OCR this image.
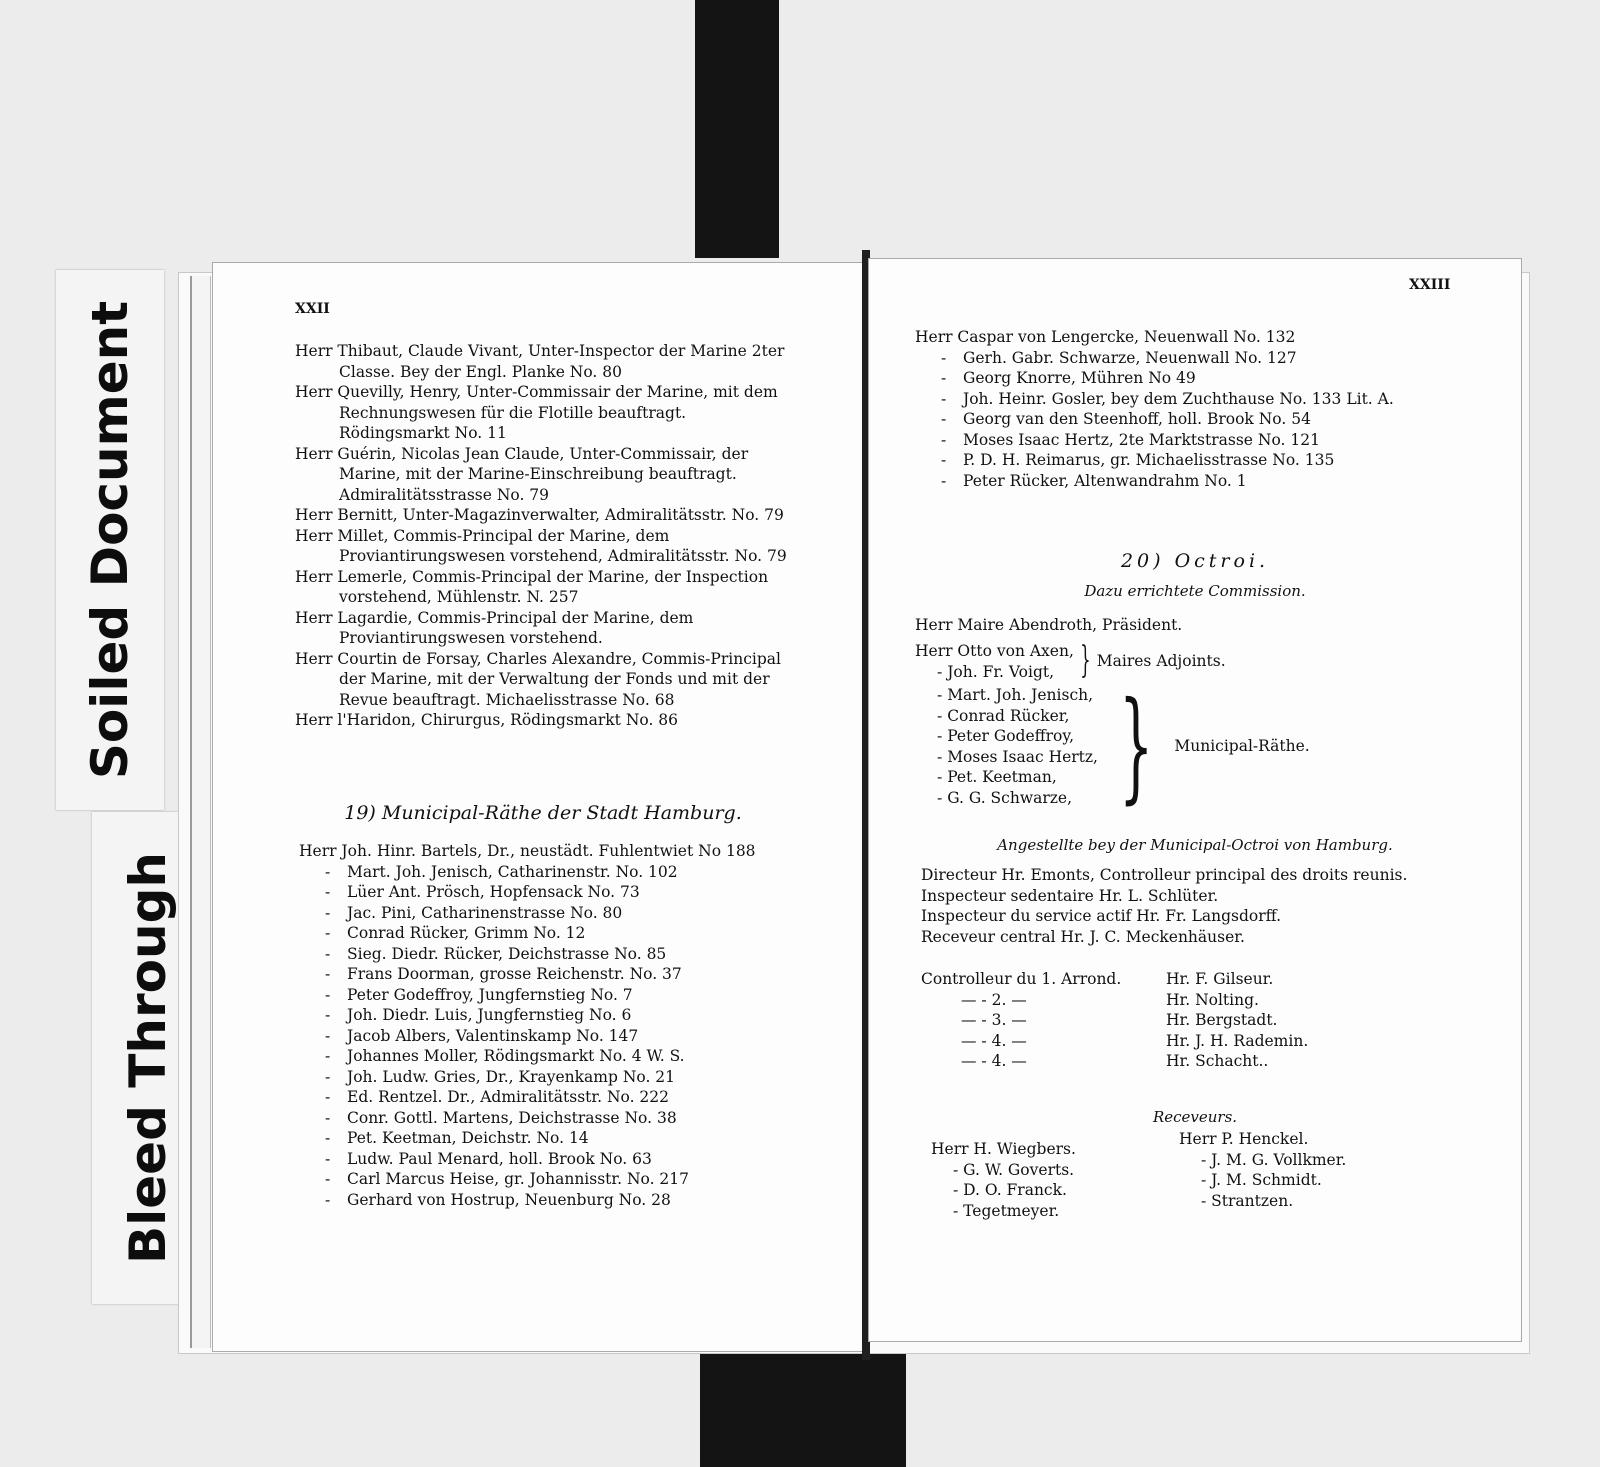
Soiled Document
Bleed Through
XXII

Herr Thibaut, Claude Vivant, Unter-Inspector der Marine 2ter Classe. Bey der Engl. Planke No. 80

Herr Quevilly, Henry, Unter-Commissair der Marine, mit dem Rechnungswesen für die Flotille beauftragt. Rödingsmarkt No. 11

Herr Guérin, Nicolas Jean Claude, Unter-Commissair, der Marine, mit der Marine-Einschreibung beauftragt. Admiralitätsstrasse No. 79

Herr Bernitt, Unter-Magazinverwalter, Admiralitätsstr. No. 79

Herr Millet, Commis-Principal der Marine, dem Proviantirungswesen vorstehend, Admiralitätsstr. No. 79

Herr Lemerle, Commis-Principal der Marine, der Inspection vorstehend, Mühlenstr. N. 257

Herr Lagardie, Commis-Principal der Marine, dem Proviantirungswesen vorstehend.

Herr Courtin de Forsay, Charles Alexandre, Commis-Principal der Marine, mit der Verwaltung der Fonds und mit der Revue beauftragt. Michaelisstrasse No. 68

Herr l'Haridon, Chirurgus, Rödingsmarkt No. 86

19) Municipal-Räthe der Stadt Hamburg.

Herr Joh. Hinr. Bartels, Dr., neustädt. Fuhlentwiet No 188

- Mart. Joh. Jenisch, Catharinenstr. No. 102

- Lüer Ant. Prösch, Hopfensack No. 73

- Jac. Pini, Catharinenstrasse No. 80

- Conrad Rücker, Grimm No. 12

- Sieg. Diedr. Rücker, Deichstrasse No. 85

- Frans Doorman, grosse Reichenstr. No. 37

- Peter Godeffroy, Jungfernstieg No. 7

- Joh. Diedr. Luis, Jungfernstieg No. 6

- Jacob Albers, Valentinskamp No. 147

- Johannes Moller, Rödingsmarkt No. 4 W. S.

- Joh. Ludw. Gries, Dr., Krayenkamp No. 21

- Ed. Rentzel. Dr., Admiralitätsstr. No. 222

- Conr. Gottl. Martens, Deichstrasse No. 38

- Pet. Keetman, Deichstr. No. 14

- Ludw. Paul Menard, holl. Brook No. 63

- Carl Marcus Heise, gr. Johannisstr. No. 217

- Gerhard von Hostrup, Neuenburg No. 28

XXIII

Herr Caspar von Lengercke, Neuenwall No. 132

- Gerh. Gabr. Schwarze, Neuenwall No. 127

- Georg Knorre, Mühren No 49

- Joh. Heinr. Gosler, bey dem Zuchthause No. 133 Lit. A.

- Georg van den Steenhoff, holl. Brook No. 54

- Moses Isaac Hertz, 2te Marktstrasse No. 121

- P. D. H. Reimarus, gr. Michaelisstrasse No. 135

- Peter Rücker, Altenwandrahm No. 1

20) Octroi.
Dazu errichtete Commission.
Herr Maire Abendroth, Präsident.
Herr Otto von Axen,
- Joh. Fr. Voigt,	}	Maires Adjoints.
- Mart. Joh. Jenisch,
- Conrad Rücker,
- Peter Godeffroy,
- Moses Isaac Hertz,
- Pet. Keetman,
- G. G. Schwarze,	}	Municipal-Räthe.
Angestellte bey der Municipal-Octroi von Hamburg.

Directeur Hr. Emonts, Controlleur principal des droits reunis.

Inspecteur sedentaire Hr. L. Schlüter.

Inspecteur du service actif Hr. Fr. Langsdorff.

Receveur central Hr. J. C. Meckenhäuser.

Controlleur du 1. Arrond.	Hr. F. Gilseur.
— - 2. —	Hr. Nolting.
— - 3. —	Hr. Bergstadt.
— - 4. —	Hr. J. H. Rademin.
— - 4. —	Hr. Schacht..
Receveurs.

Herr H. Wiegbers.

- G. W. Goverts.

- D. O. Franck.

- Tegetmeyer.

Herr P. Henckel.

- J. M. G. Vollkmer.

- J. M. Schmidt.

- Strantzen.
